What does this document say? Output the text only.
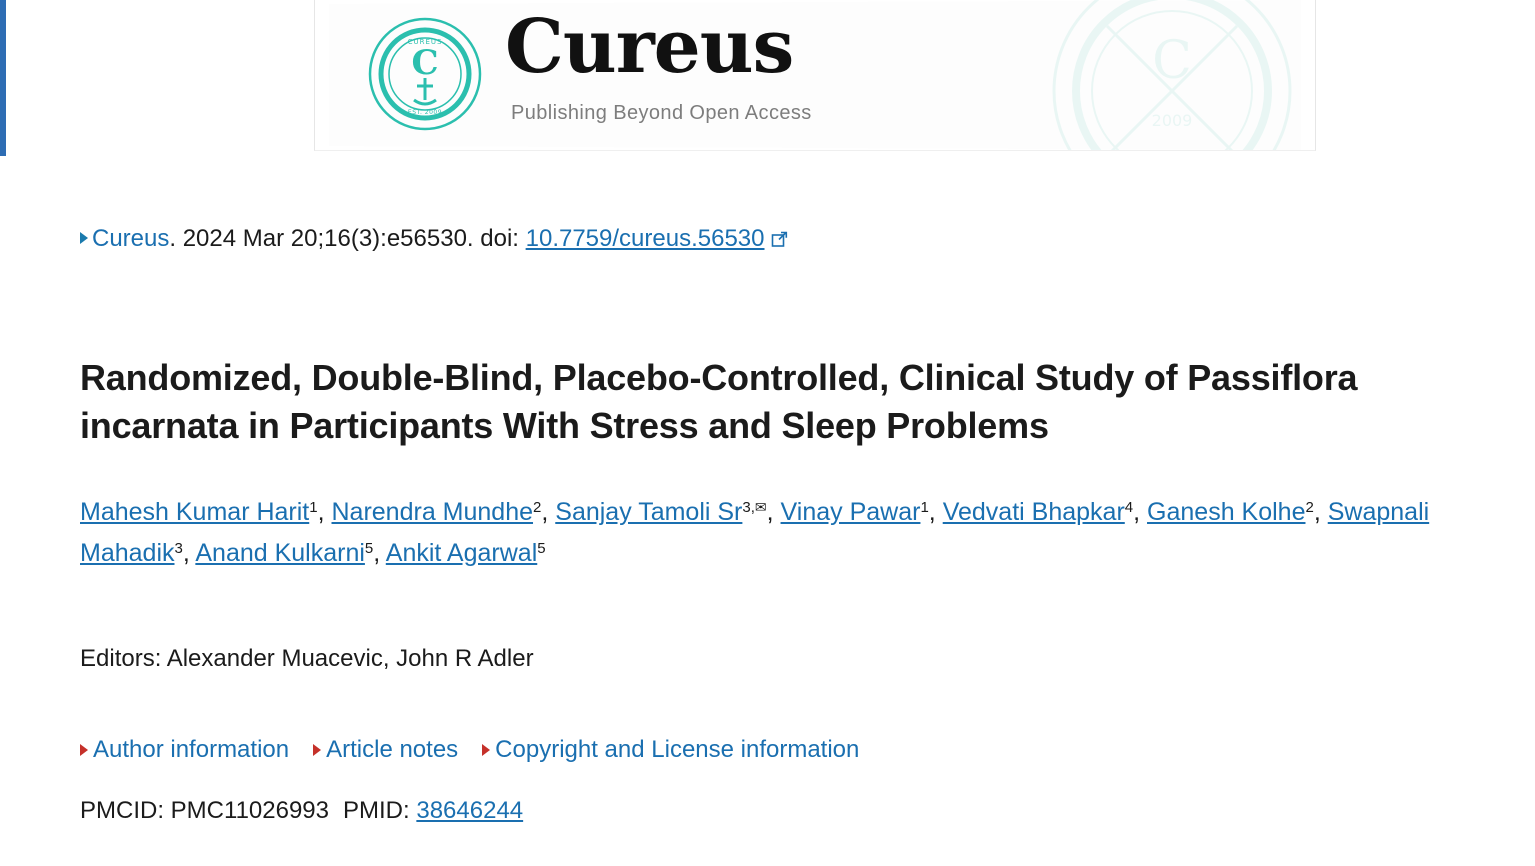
C
CUREUS
EST. 2009
Cureus
Publishing Beyond Open Access
C
2009
Cureus. 2024 Mar 20;16(3):e56530. doi: 10.7759/cureus.56530
Randomized, Double-Blind, Placebo-Controlled, Clinical Study of Passiflora incarnata in Participants With Stress and Sleep Problems
Mahesh Kumar Harit$^1$, Narendra Mundhe$^2$, Sanjay Tamoli $Sr^{3,✉}$, Vinay Pawar$^1$, Vedvati Bhapkar$^4$, Ganesh Kolhe$^2$, Swapnali Mahadik$^3$, Anand Kulkarni$^5$, Ankit Agarwal$^5$
Editors: Alexander Muacevic, John R Adler
Author information Article notes Copyright and License information
PMCID: PMC11026993 PMID: 38646244
